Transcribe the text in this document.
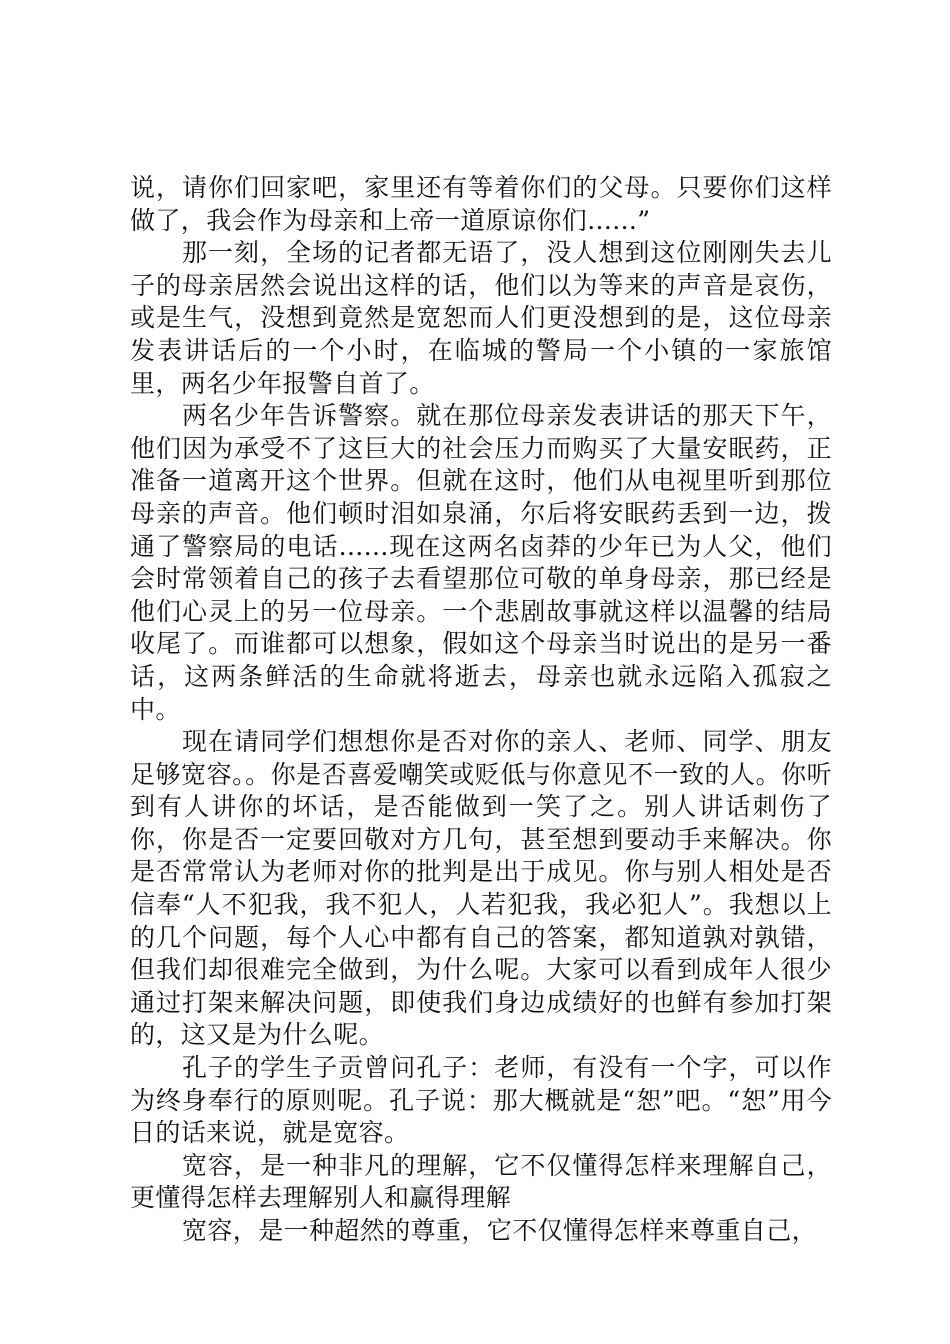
说，请你们回家吧，家里还有等着你们的父母。只要你们这样做了，我会作为母亲和上帝一道原谅你们......”

那一刻，全场的记者都无语了，没人想到这位刚刚失去儿子的母亲居然会说出这样的话，他们以为等来的声音是哀伤，或是生气，没想到竟然是宽恕而人们更没想到的是，这位母亲发表讲话后的一个小时，在临城的警局一个小镇的一家旅馆里，两名少年报警自首了。

两名少年告诉警察。就在那位母亲发表讲话的那天下午，他们因为承受不了这巨大的社会压力而购买了大量安眠药，正准备一道离开这个世界。但就在这时，他们从电视里听到那位母亲的声音。他们顿时泪如泉涌，尔后将安眠药丢到一边，拨通了警察局的电话......现在这两名卤莽的少年已为人父，他们会时常领着自己的孩子去看望那位可敬的单身母亲，那已经是他们心灵上的另一位母亲。一个悲剧故事就这样以温馨的结局收尾了。而谁都可以想象，假如这个母亲当时说出的是另一番话，这两条鲜活的生命就将逝去，母亲也就永远陷入孤寂之中。

现在请同学们想想你是否对你的亲人、老师、同学、朋友足够宽容。。你是否喜爱嘲笑或贬低与你意见不一致的人。你听到有人讲你的坏话，是否能做到一笑了之。别人讲话刺伤了你，你是否一定要回敬对方几句，甚至想到要动手来解决。你是否常常认为老师对你的批判是出于成见。你与别人相处是否信奉“人不犯我，我不犯人，人若犯我，我必犯人”。我想以上的几个问题，每个人心中都有自己的答案，都知道孰对孰错，但我们却很难完全做到，为什么呢。大家可以看到成年人很少通过打架来解决问题，即使我们身边成绩好的也鲜有参加打架的，这又是为什么呢。

孔子的学生子贡曾问孔子：老师，有没有一个字，可以作为终身奉行的原则呢。孔子说：那大概就是“恕”吧。“恕”用今日的话来说，就是宽容。

宽容，是一种非凡的理解，它不仅懂得怎样来理解自己，更懂得怎样去理解别人和赢得理解

宽容，是一种超然的尊重，它不仅懂得怎样来尊重自己，
